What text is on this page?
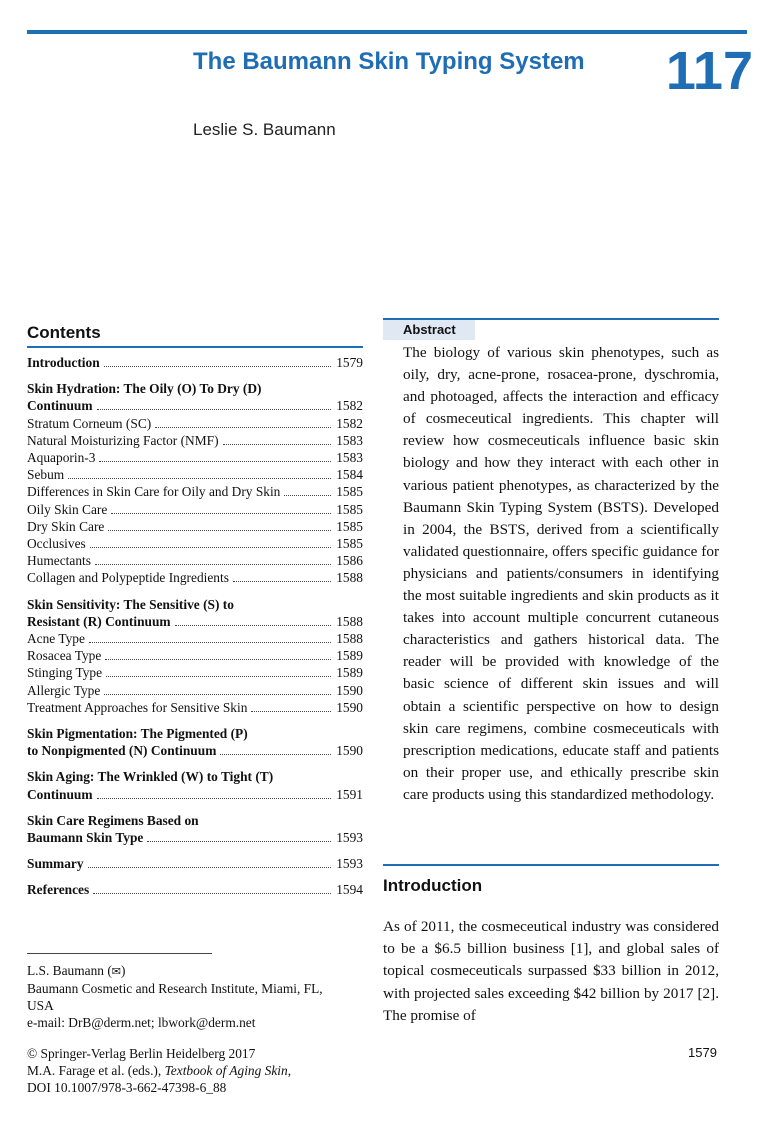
The Baumann Skin Typing System 117
Leslie S. Baumann
Contents
Introduction	1579
Skin Hydration: The Oily (O) To Dry (D)
Continuum	1582
Stratum Corneum (SC)	1582
Natural Moisturizing Factor (NMF)	1583
Aquaporin-3	1583
Sebum	1584
Differences in Skin Care for Oily and Dry Skin	1585
Oily Skin Care	1585
Dry Skin Care	1585
Occlusives	1585
Humectants	1586
Collagen and Polypeptide Ingredients	1588
Skin Sensitivity: The Sensitive (S) to
Resistant (R) Continuum	1588
Acne Type	1588
Rosacea Type	1589
Stinging Type	1589
Allergic Type	1590
Treatment Approaches for Sensitive Skin	1590
Skin Pigmentation: The Pigmented (P)
to Nonpigmented (N) Continuum	1590
Skin Aging: The Wrinkled (W) to Tight (T)
Continuum	1591
Skin Care Regimens Based on
Baumann Skin Type	1593
Summary	1593
References	1594
Abstract
The biology of various skin phenotypes, such as oily, dry, acne-prone, rosacea-prone, dyschromia, and photoaged, affects the interaction and efficacy of cosmeceutical ingredients. This chapter will review how cosmeceuticals influence basic skin biology and how they interact with each other in various patient phenotypes, as characterized by the Baumann Skin Typing System (BSTS). Developed in 2004, the BSTS, derived from a scientifically validated questionnaire, offers specific guidance for physicians and patients/consumers in identifying the most suitable ingredients and skin products as it takes into account multiple concurrent cutaneous characteristics and gathers historical data. The reader will be provided with knowledge of the basic science of different skin issues and will obtain a scientific perspective on how to design skin care regimens, combine cosmeceuticals with prescription medications, educate staff and patients on their proper use, and ethically prescribe skin care products using this standardized methodology.
Introduction
As of 2011, the cosmeceutical industry was considered to be a $6.5 billion business [1], and global sales of topical cosmeceuticals surpassed $33 billion in 2012, with projected sales exceeding $42 billion by 2017 [2]. The promise of
L.S. Baumann (✉)
Baumann Cosmetic and Research Institute, Miami, FL, USA
e-mail: DrB@derm.net; lbwork@derm.net
© Springer-Verlag Berlin Heidelberg 2017
M.A. Farage et al. (eds.), Textbook of Aging Skin,
DOI 10.1007/978-3-662-47398-6_88
1579
